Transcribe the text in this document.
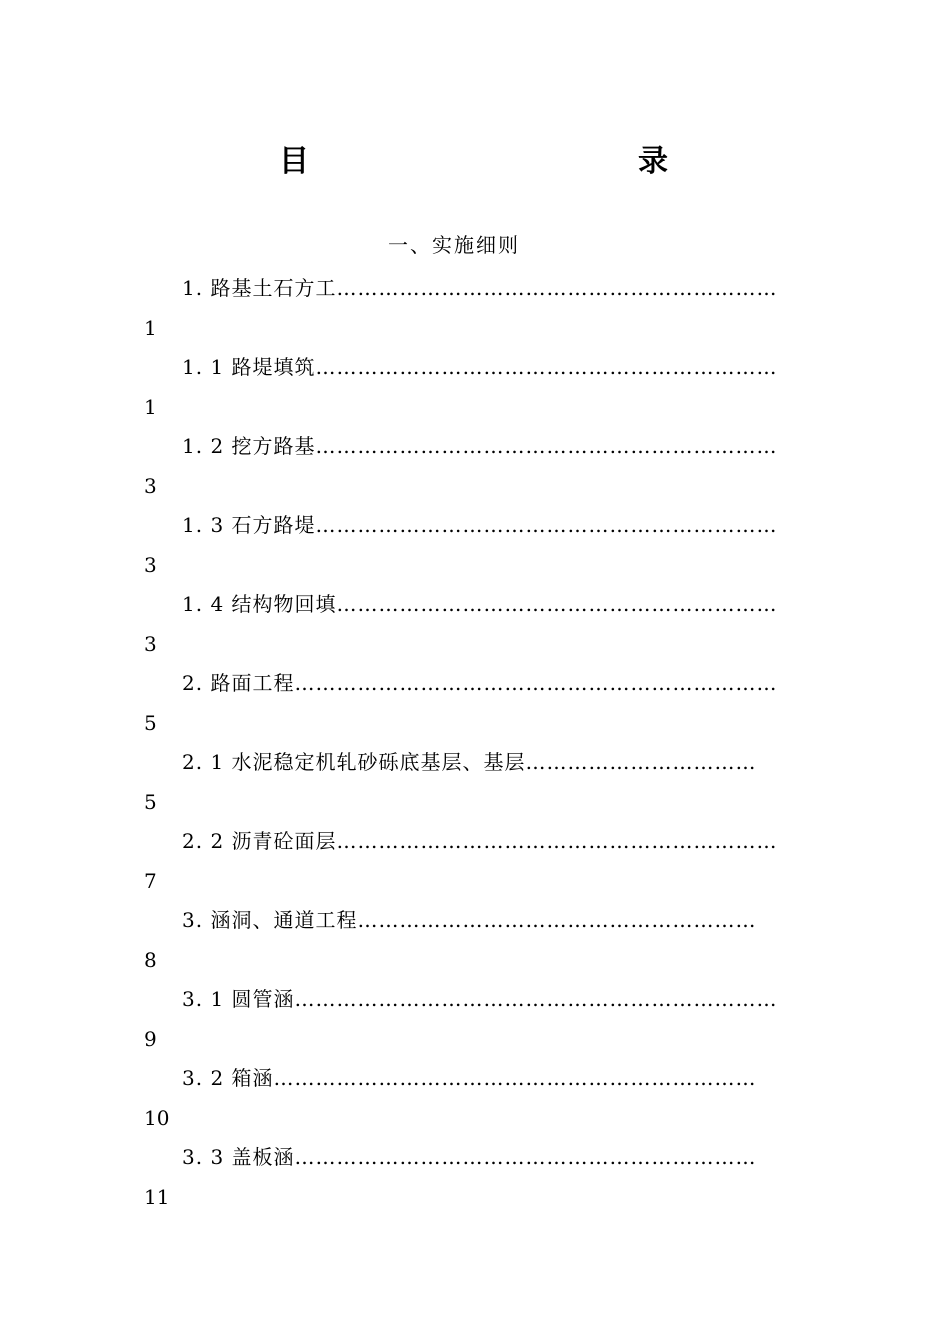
目	录
一、实施细则
1. 路基土石方工………………………………………………………
1
1. 1 路堤填筑…………………………………………………………
1
1. 2 挖方路基…………………………………………………………
3
1. 3 石方路堤…………………………………………………………
3
1. 4 结构物回填………………………………………………………
3
2. 路面工程……………………………………………………………
5
2. 1 水泥稳定机轧砂砾底基层、基层……………………………
5
2. 2 沥青砼面层………………………………………………………
7
3. 涵洞、通道工程…………………………………………………
8
3. 1 圆管涵……………………………………………………………
9
3. 2 箱涵……………………………………………………………
10
3. 3 盖板涵…………………………………………………………
11
